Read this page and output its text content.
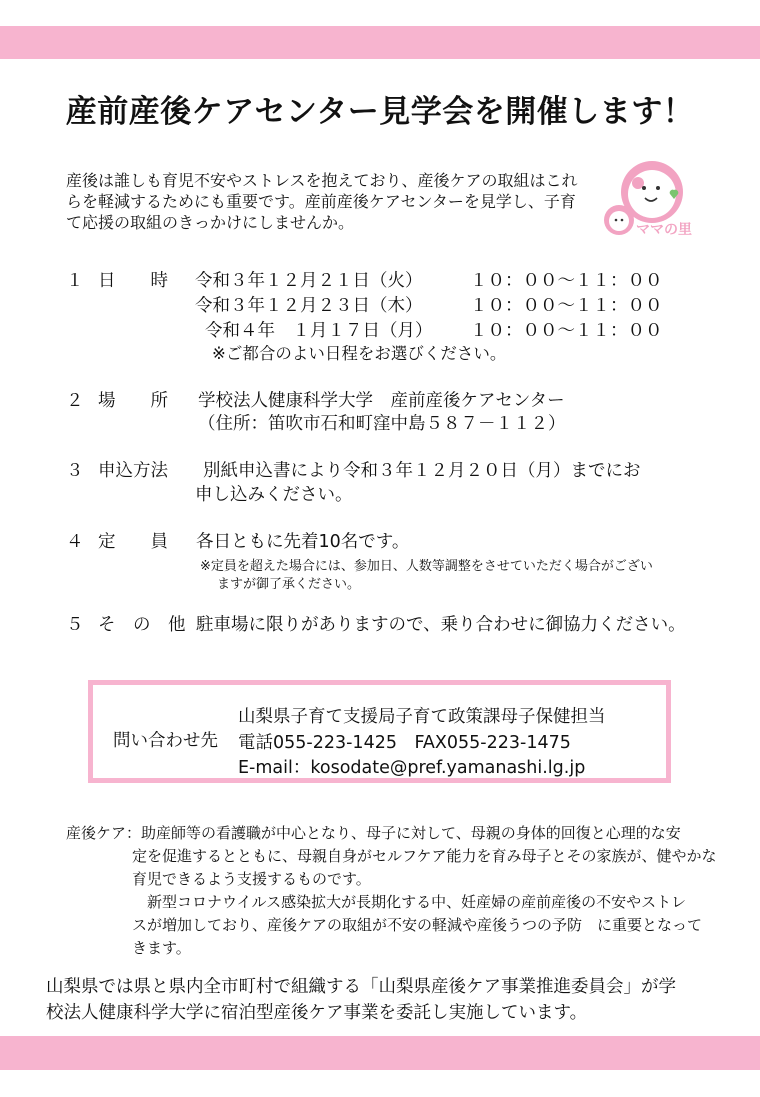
産前産後ケアセンター見学会を開催します！
産後は誰しも育児不安やストレスを抱えており、産後ケアの取組はこれ
らを軽減するためにも重要です。産前産後ケアセンターを見学し、子育
て応援の取組のきっかけにしませんか。	ママの里
１ 日　　時 令和３年１２月２１日（火）	１０：００～１１：００
令和３年１２月２３日（木）	１０：００～１１：００
令和４年　１月１７日（月） １０：００～１１：００
※ご都合のよい日程をお選びください。
２ 場　　所 学校法人健康科学大学　産前産後ケアセンター
（住所：笛吹市石和町窪中島５８７－１１２）
３ 申込方法 別紙申込書により令和３年１２月２０日（月）までにお
申し込みください。
４ 定　　員 各日ともに先着10名です。
※定員を超えた場合には、参加日、人数等調整をさせていただく場合がござい
ますが御了承ください。
５ そ　の　他 駐車場に限りがありますので、乗り合わせに御協力ください。
問い合わせ先
山梨県子育て支援局子育て政策課母子保健担当
電話055-223-1425　FAX055-223-1475
E-mail：kosodate@pref.yamanashi.lg.jp
産後ケア：助産師等の看護職が中心となり、母子に対して、母親の身体的回復と心理的な安
定を促進するとともに、母親自身がセルフケア能力を育み母子とその家族が、健やかな
育児できるよう支援するものです。
　新型コロナウイルス感染拡大が長期化する中、妊産婦の産前産後の不安やストレ
スが増加しており、産後ケアの取組が不安の軽減や産後うつの予防　に重要となって
きます。
山梨県では県と県内全市町村で組織する「山梨県産後ケア事業推進委員会」が学
校法人健康科学大学に宿泊型産後ケア事業を委託し実施しています。
